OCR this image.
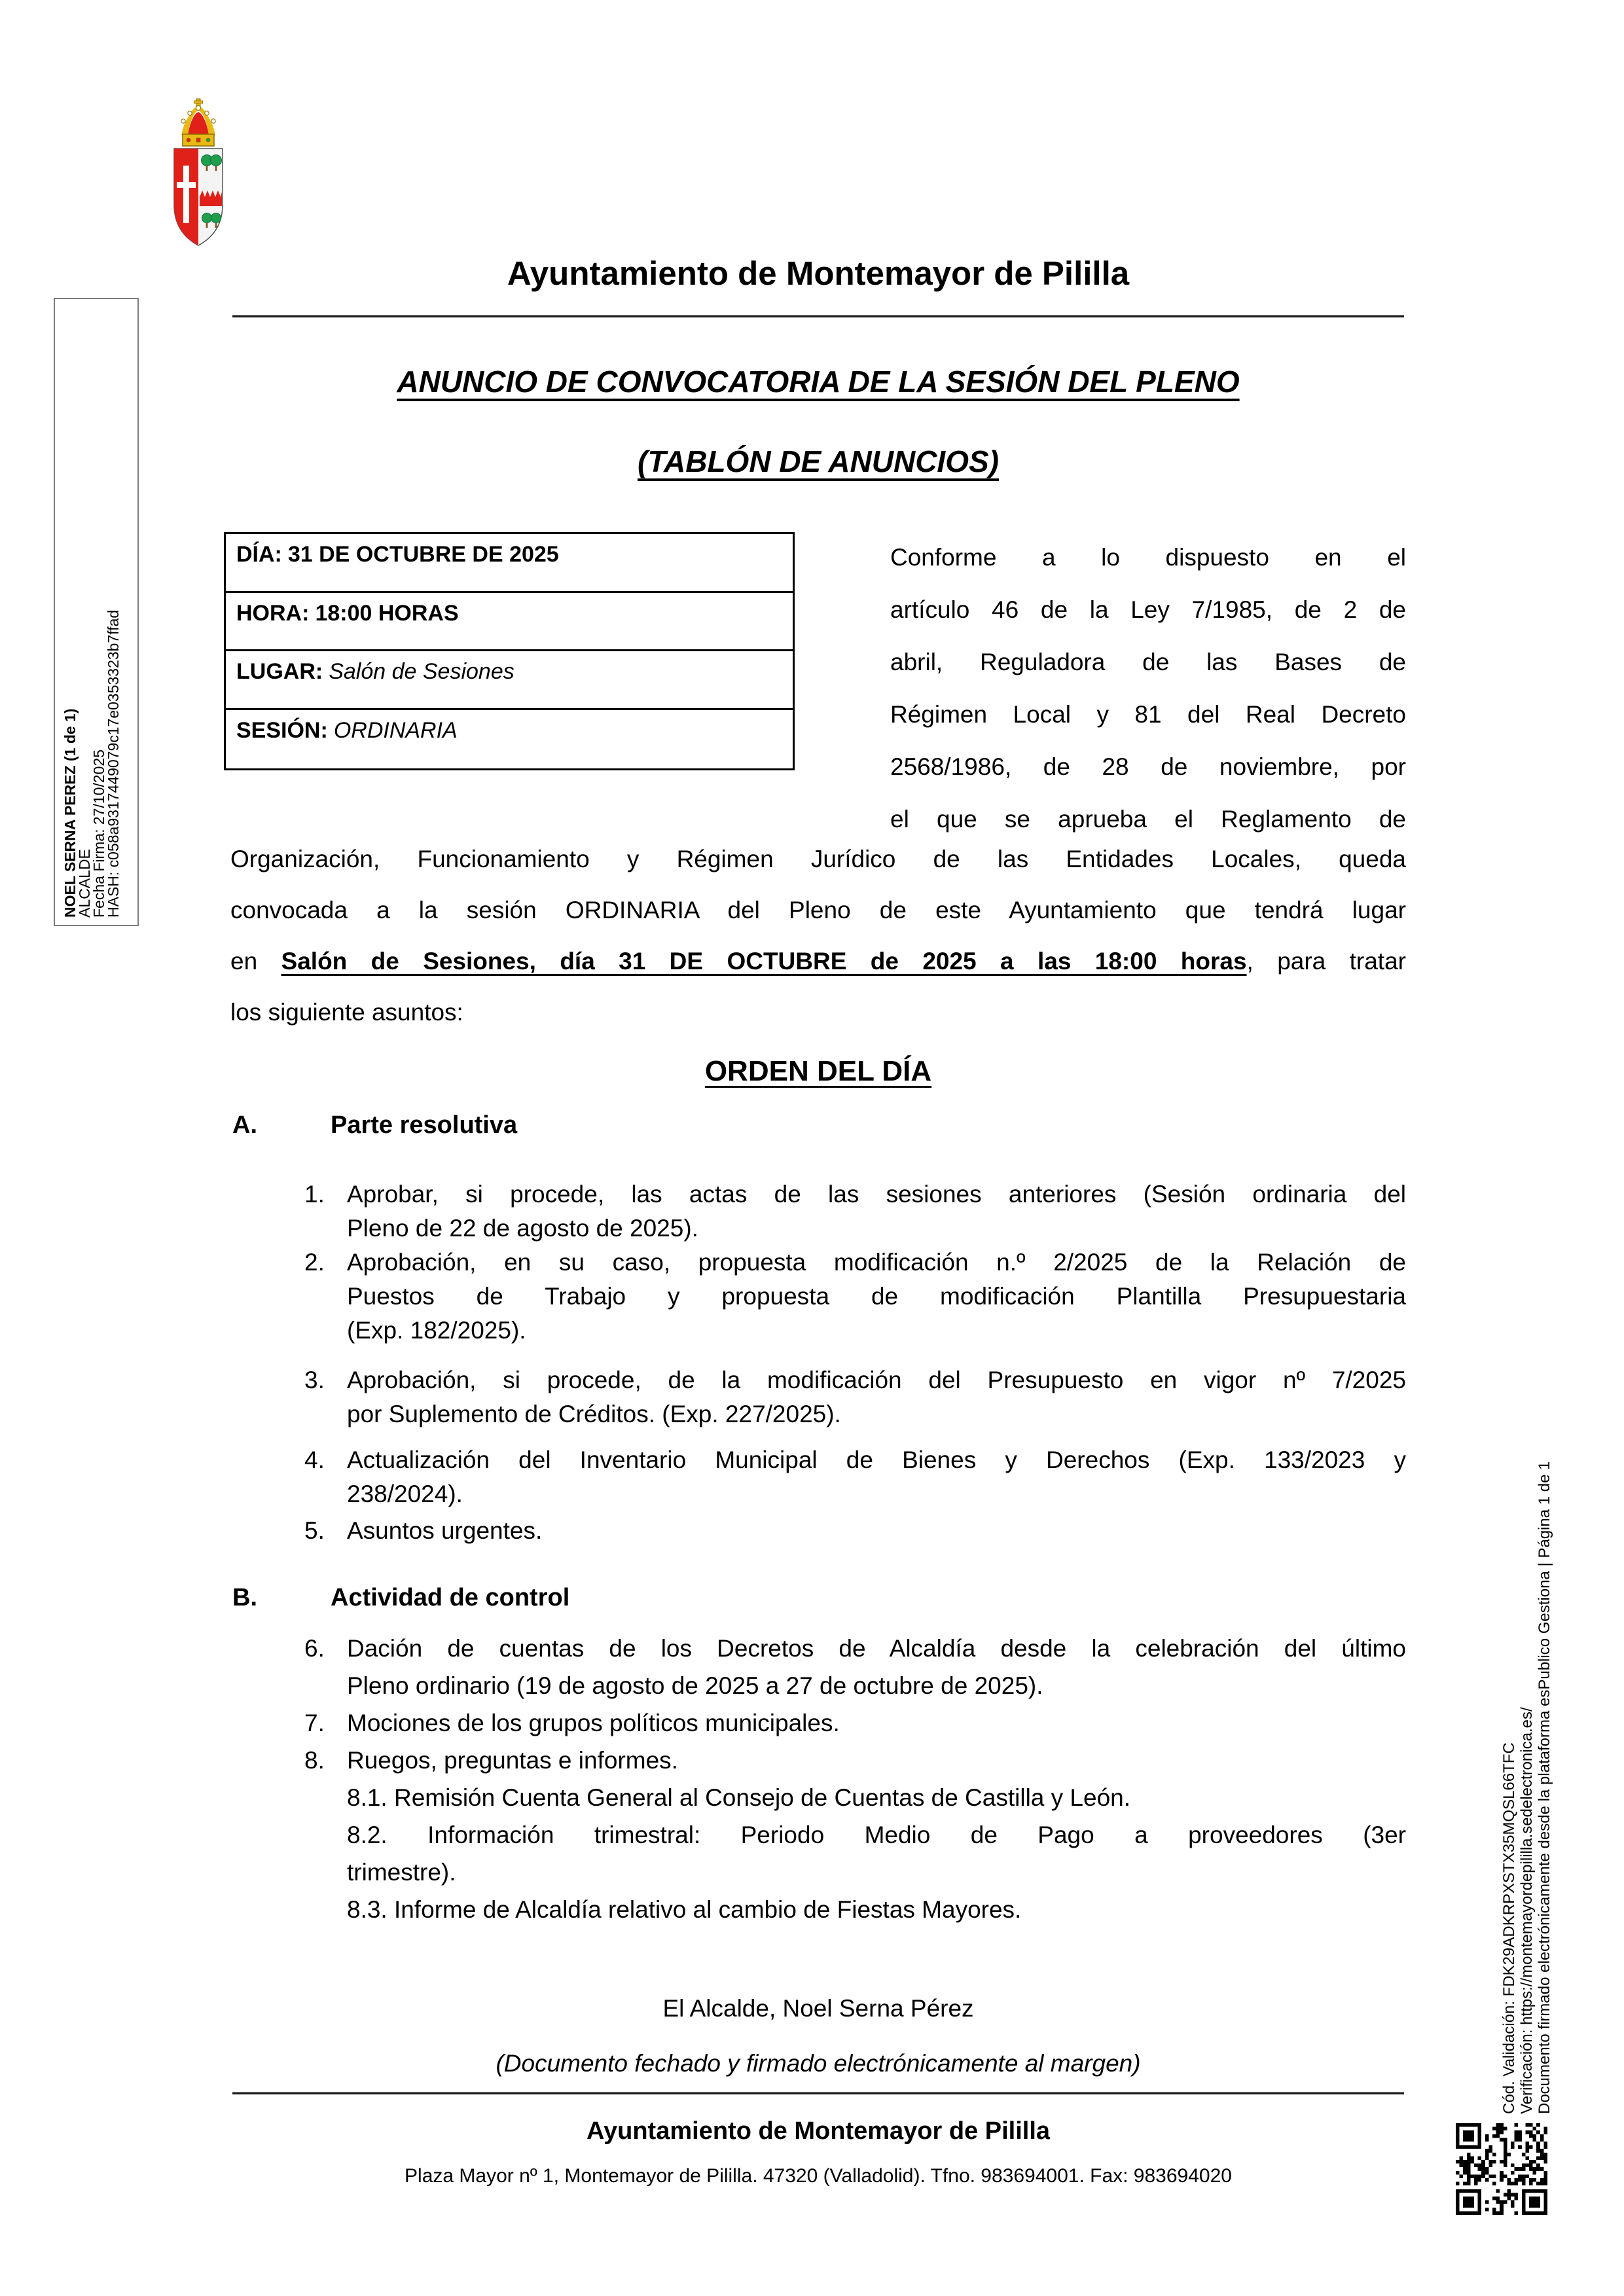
Ayuntamiento de Montemayor de Pililla
ANUNCIO DE CONVOCATORIA DE LA SESIÓN DEL PLENO
(TABLÓN DE ANUNCIOS)
DÍA: 31 DE OCTUBRE DE 2025
HORA: 18:00 HORAS
LUGAR: Salón de Sesiones
SESIÓN: ORDINARIA
Conforme a lo dispuesto en el
artículo 46 de la Ley 7/1985, de 2 de
abril, Reguladora de las Bases de
Régimen Local y 81 del Real Decreto
2568/1986, de 28 de noviembre, por
el que se aprueba el Reglamento de
Organización, Funcionamiento y Régimen Jurídico de las Entidades Locales, queda
convocada a la sesión ORDINARIA del Pleno de este Ayuntamiento que tendrá lugar
en Salón de Sesiones, día 31 DE OCTUBRE de 2025 a las 18:00 horas, para tratar
los siguiente asuntos:
ORDEN DEL DÍA
A.	Parte resolutiva
1. Aprobar, si procede, las actas de las sesiones anteriores (Sesión ordinaria del
Pleno de 22 de agosto de 2025).
2. Aprobación, en su caso, propuesta modificación n.º 2/2025 de la Relación de
Puestos de Trabajo y propuesta de modificación Plantilla Presupuestaria
(Exp. 182/2025).
3. Aprobación, si procede, de la modificación del Presupuesto en vigor nº 7/2025
por Suplemento de Créditos. (Exp. 227/2025).
4. Actualización del Inventario Municipal de Bienes y Derechos (Exp. 133/2023 y
238/2024).
5. Asuntos urgentes.
B.	Actividad de control
6. Dación de cuentas de los Decretos de Alcaldía desde la celebración del último
Pleno ordinario (19 de agosto de 2025 a 27 de octubre de 2025).
7. Mociones de los grupos políticos municipales.
8. Ruegos, preguntas e informes.
8.1. Remisión Cuenta General al Consejo de Cuentas de Castilla y León.
8.2. Información trimestral: Periodo Medio de Pago a proveedores (3er
trimestre).
8.3. Informe de Alcaldía relativo al cambio de Fiestas Mayores.
El Alcalde, Noel Serna Pérez
(Documento fechado y firmado electrónicamente al margen)
Ayuntamiento de Montemayor de Pililla
Plaza Mayor nº 1, Montemayor de Pililla. 47320 (Valladolid). Tfno. 983694001. Fax: 983694020
NOEL SERNA PEREZ (1 de 1)
ALCALDE
Fecha Firma: 27/10/2025
HASH: c058a9317449079c17e0353323b7ffad
Cód. Validación: FDK29ADKRPXSTX35MQSL66TFC Verificación: https://montemayordepililla.sedelectronica.es/ Documento firmado electrónicamente desde la plataforma esPublico Gestiona | Página 1 de 1
